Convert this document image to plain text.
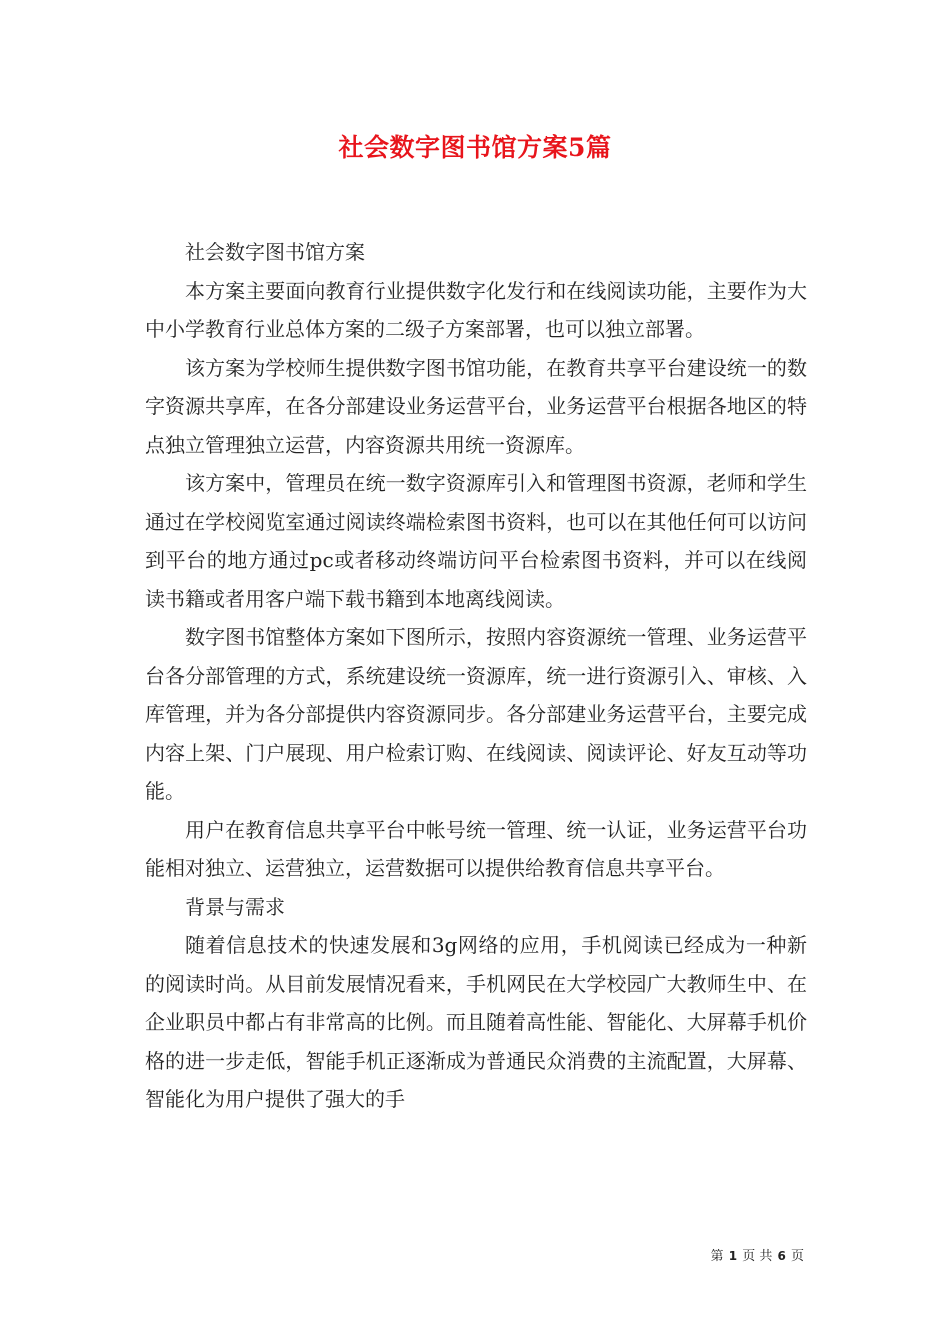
社会数字图书馆方案5篇

社会数字图书馆方案

本方案主要面向教育行业提供数字化发行和在线阅读功能，主要作为大中小学教育行业总体方案的二级子方案部署，也可以独立部署。

该方案为学校师生提供数字图书馆功能，在教育共享平台建设统一的数字资源共享库，在各分部建设业务运营平台，业务运营平台根据各地区的特点独立管理独立运营，内容资源共用统一资源库。

该方案中，管理员在统一数字资源库引入和管理图书资源，老师和学生通过在学校阅览室通过阅读终端检索图书资料，也可以在其他任何可以访问到平台的地方通过pc或者移动终端访问平台检索图书资料，并可以在线阅读书籍或者用客户端下载书籍到本地离线阅读。

数字图书馆整体方案如下图所示，按照内容资源统一管理、业务运营平台各分部管理的方式，系统建设统一资源库，统一进行资源引入、审核、入库管理，并为各分部提供内容资源同步。各分部建业务运营平台，主要完成内容上架、门户展现、用户检索订购、在线阅读、阅读评论、好友互动等功能。

用户在教育信息共享平台中帐号统一管理、统一认证，业务运营平台功能相对独立、运营独立，运营数据可以提供给教育信息共享平台。

背景与需求

随着信息技术的快速发展和3g网络的应用，手机阅读已经成为一种新的阅读时尚。从目前发展情况看来，手机网民在大学校园广大教师生中、在企业职员中都占有非常高的比例。而且随着高性能、智能化、大屏幕手机价格的进一步走低，智能手机正逐渐成为普通民众消费的主流配置，大屏幕、智能化为用户提供了强大的手

第 1 页 共 6 页
